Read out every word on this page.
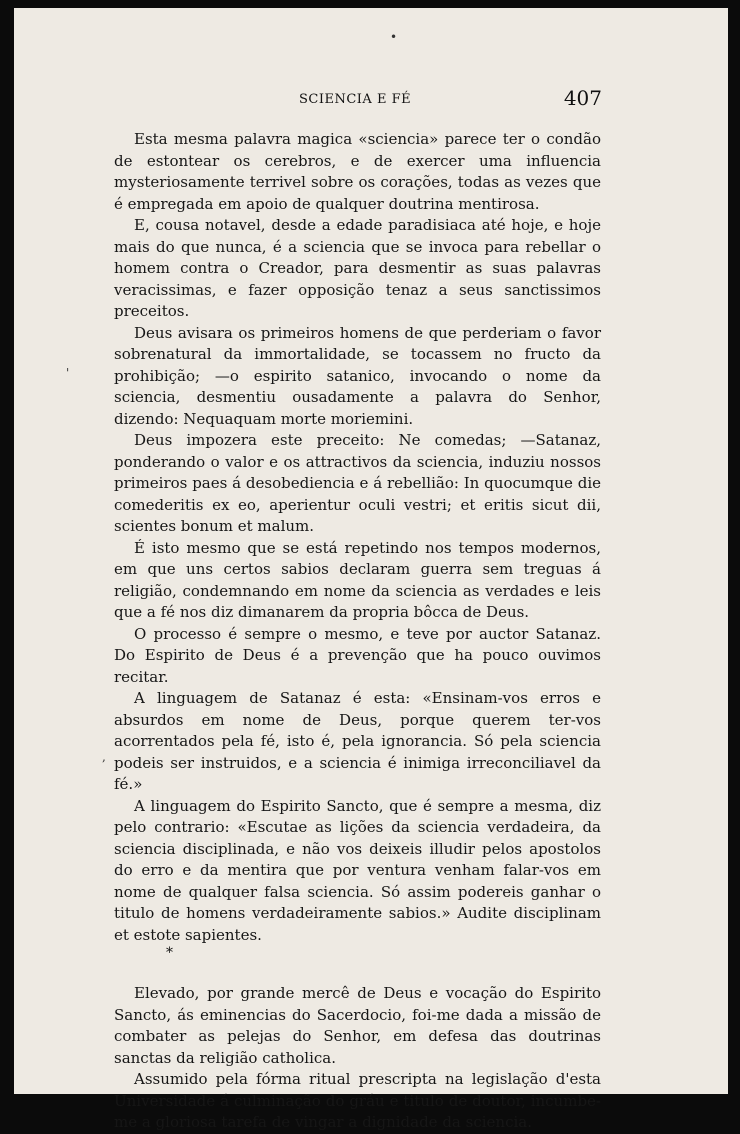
•
'
,
SCIENCIA E FÉ	407

Esta mesma palavra magica «sciencia» parece ter o condão de estontear os cerebros, e de exercer uma influencia mysteriosamente terrivel sobre os corações, todas as vezes que é empregada em apoio de qualquer doutrina mentirosa.

E, cousa notavel, desde a edade paradisiaca até hoje, e hoje mais do que nunca, é a sciencia que se invoca para rebellar o homem contra o Creador, para desmentir as suas palavras veracissimas, e fazer opposição tenaz a seus sanctissimos preceitos.

Deus avisara os primeiros homens de que perderiam o favor sobrenatural da immortalidade, se tocassem no fructo da prohibição; —o espirito satanico, invocando o nome da sciencia, desmentiu ousadamente a palavra do Senhor, dizendo: Nequaquam morte moriemini.

Deus impozera este preceito: Ne comedas; —Satanaz, ponderando o valor e os attractivos da sciencia, induziu nossos primeiros paes á desobediencia e á rebellião: In quocumque die comederitis ex eo, aperientur oculi vestri; et eritis sicut dii, scientes bonum et malum.

É isto mesmo que se está repetindo nos tempos modernos, em que uns certos sabios declaram guerra sem treguas á religião, condemnando em nome da sciencia as verdades e leis que a fé nos diz dimanarem da propria bôcca de Deus.

O processo é sempre o mesmo, e teve por auctor Satanaz. Do Espirito de Deus é a prevenção que ha pouco ouvimos recitar.

A linguagem de Satanaz é esta: «Ensinam-vos erros e absurdos em nome de Deus, porque querem ter-vos acorrentados pela fé, isto é, pela ignorancia. Só pela sciencia podeis ser instruidos, e a sciencia é inimiga irreconciliavel da fé.»

A linguagem do Espirito Sancto, que é sempre a mesma, diz pelo contrario: «Escutae as lições da sciencia verdadeira, da sciencia disciplinada, e não vos deixeis illudir pelos apostolos do erro e da mentira que por ventura venham falar-vos em nome de qualquer falsa sciencia. Só assim podereis ganhar o titulo de homens verdadeiramente sabios.» Audite disciplinam et estote sapientes.

Elevado, por grande mercê de Deus e vocação do Espirito Sancto, ás eminencias do Sacerdocio, foi-me dada a missão de combater as pelejas do Senhor, em defesa das doutrinas sanctas da religião catholica.

Assumido pela fórma ritual prescripta na legislação d'esta Universidade á culminação do gráu e titulo de doutor, incumbe-me a gloriosa tarefa de vingar a dignidade da sciencia.

*
